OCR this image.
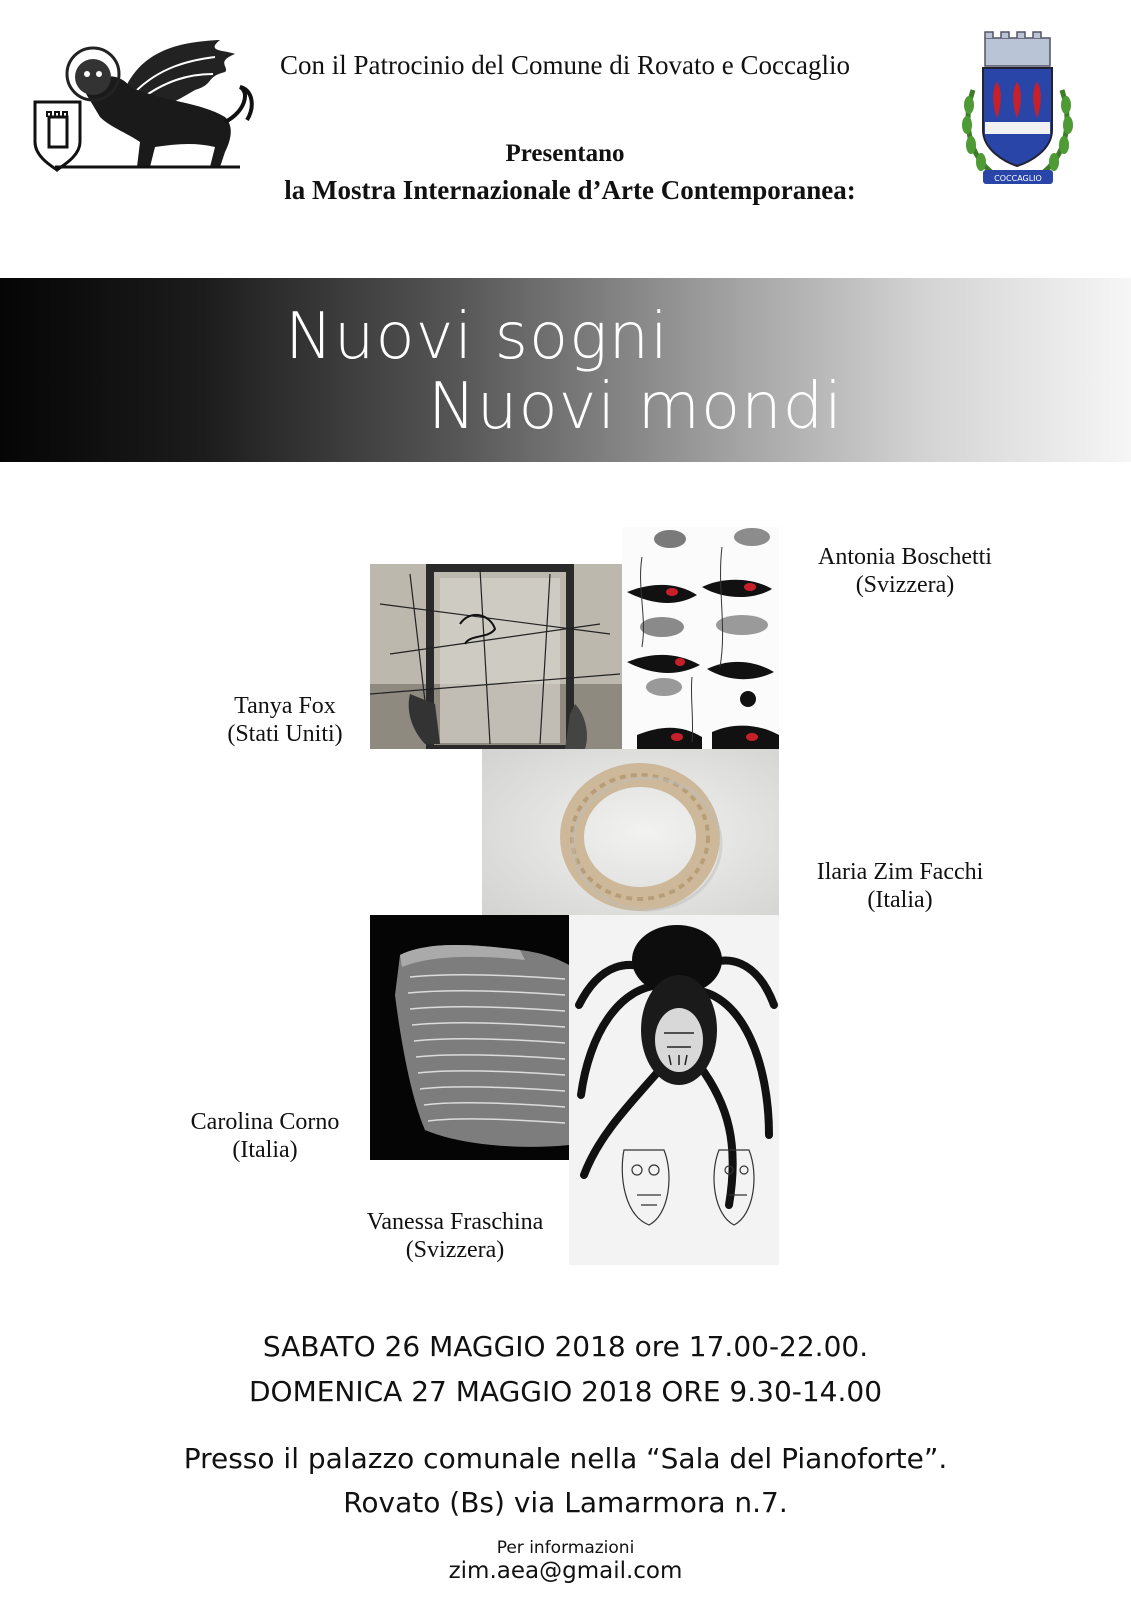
Con il Patrocinio del Comune di Rovato e Coccaglio
Presentano
la Mostra Internazionale d’Arte Contemporanea:	COCCAGLIO
Nuovi sogni
Nuovi mondi
Antonia Boschetti
(Svizzera)
Tanya Fox
(Stati Uniti)
Ilaria Zim Facchi
(Italia)
Carolina Corno
(Italia)
Vanessa Fraschina
(Svizzera)
SABATO 26 MAGGIO 2018 ore 17.00-22.00.
DOMENICA 27 MAGGIO 2018 ORE 9.30-14.00
Presso il palazzo comunale nella “Sala del Pianoforte”.
Rovato (Bs) via Lamarmora n.7.
Per informazioni
zim.aea@gmail.com
